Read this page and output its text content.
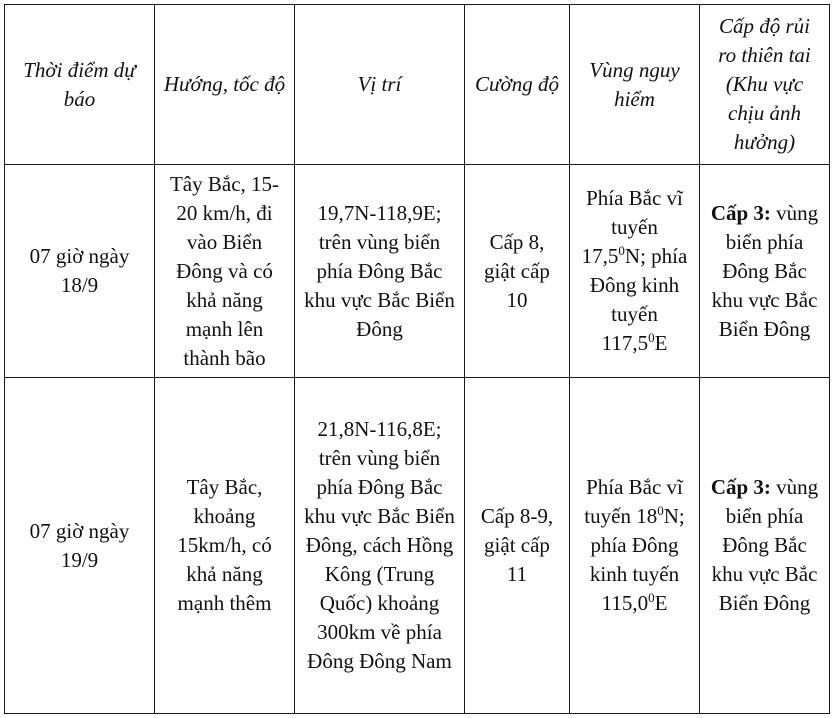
Thời điểm dự báo	Hướng, tốc độ	Vị trí	Cường độ	Vùng nguy hiểm	Cấp độ rủi ro thiên tai (Khu vực chịu ảnh hưởng)
07 giờ ngày 18/9	Tây Bắc, 15-20 km/h, đi vào Biển Đông và có khả năng mạnh lên thành bão	19,7N-118,9E; trên vùng biển phía Đông Bắc khu vực Bắc Biển Đông	Cấp 8, giật cấp 10	Phía Bắc vĩ tuyến 17,5$^0$N; phía Đông kinh tuyến 117,5$^0$E	Cấp 3: vùng biển phía Đông Bắc khu vực Bắc Biển Đông
07 giờ ngày 19/9	Tây Bắc, khoảng 15km/h, có khả năng mạnh thêm	21,8N-116,8E; trên vùng biển phía Đông Bắc khu vực Bắc Biển Đông, cách Hồng Kông (Trung Quốc) khoảng 300km về phía Đông Đông Nam	Cấp 8-9, giật cấp 11	Phía Bắc vĩ tuyến $18^0N$; phía Đông kinh tuyến 115,0$^0$E	Cấp 3: vùng biển phía Đông Bắc khu vực Bắc Biển Đông
